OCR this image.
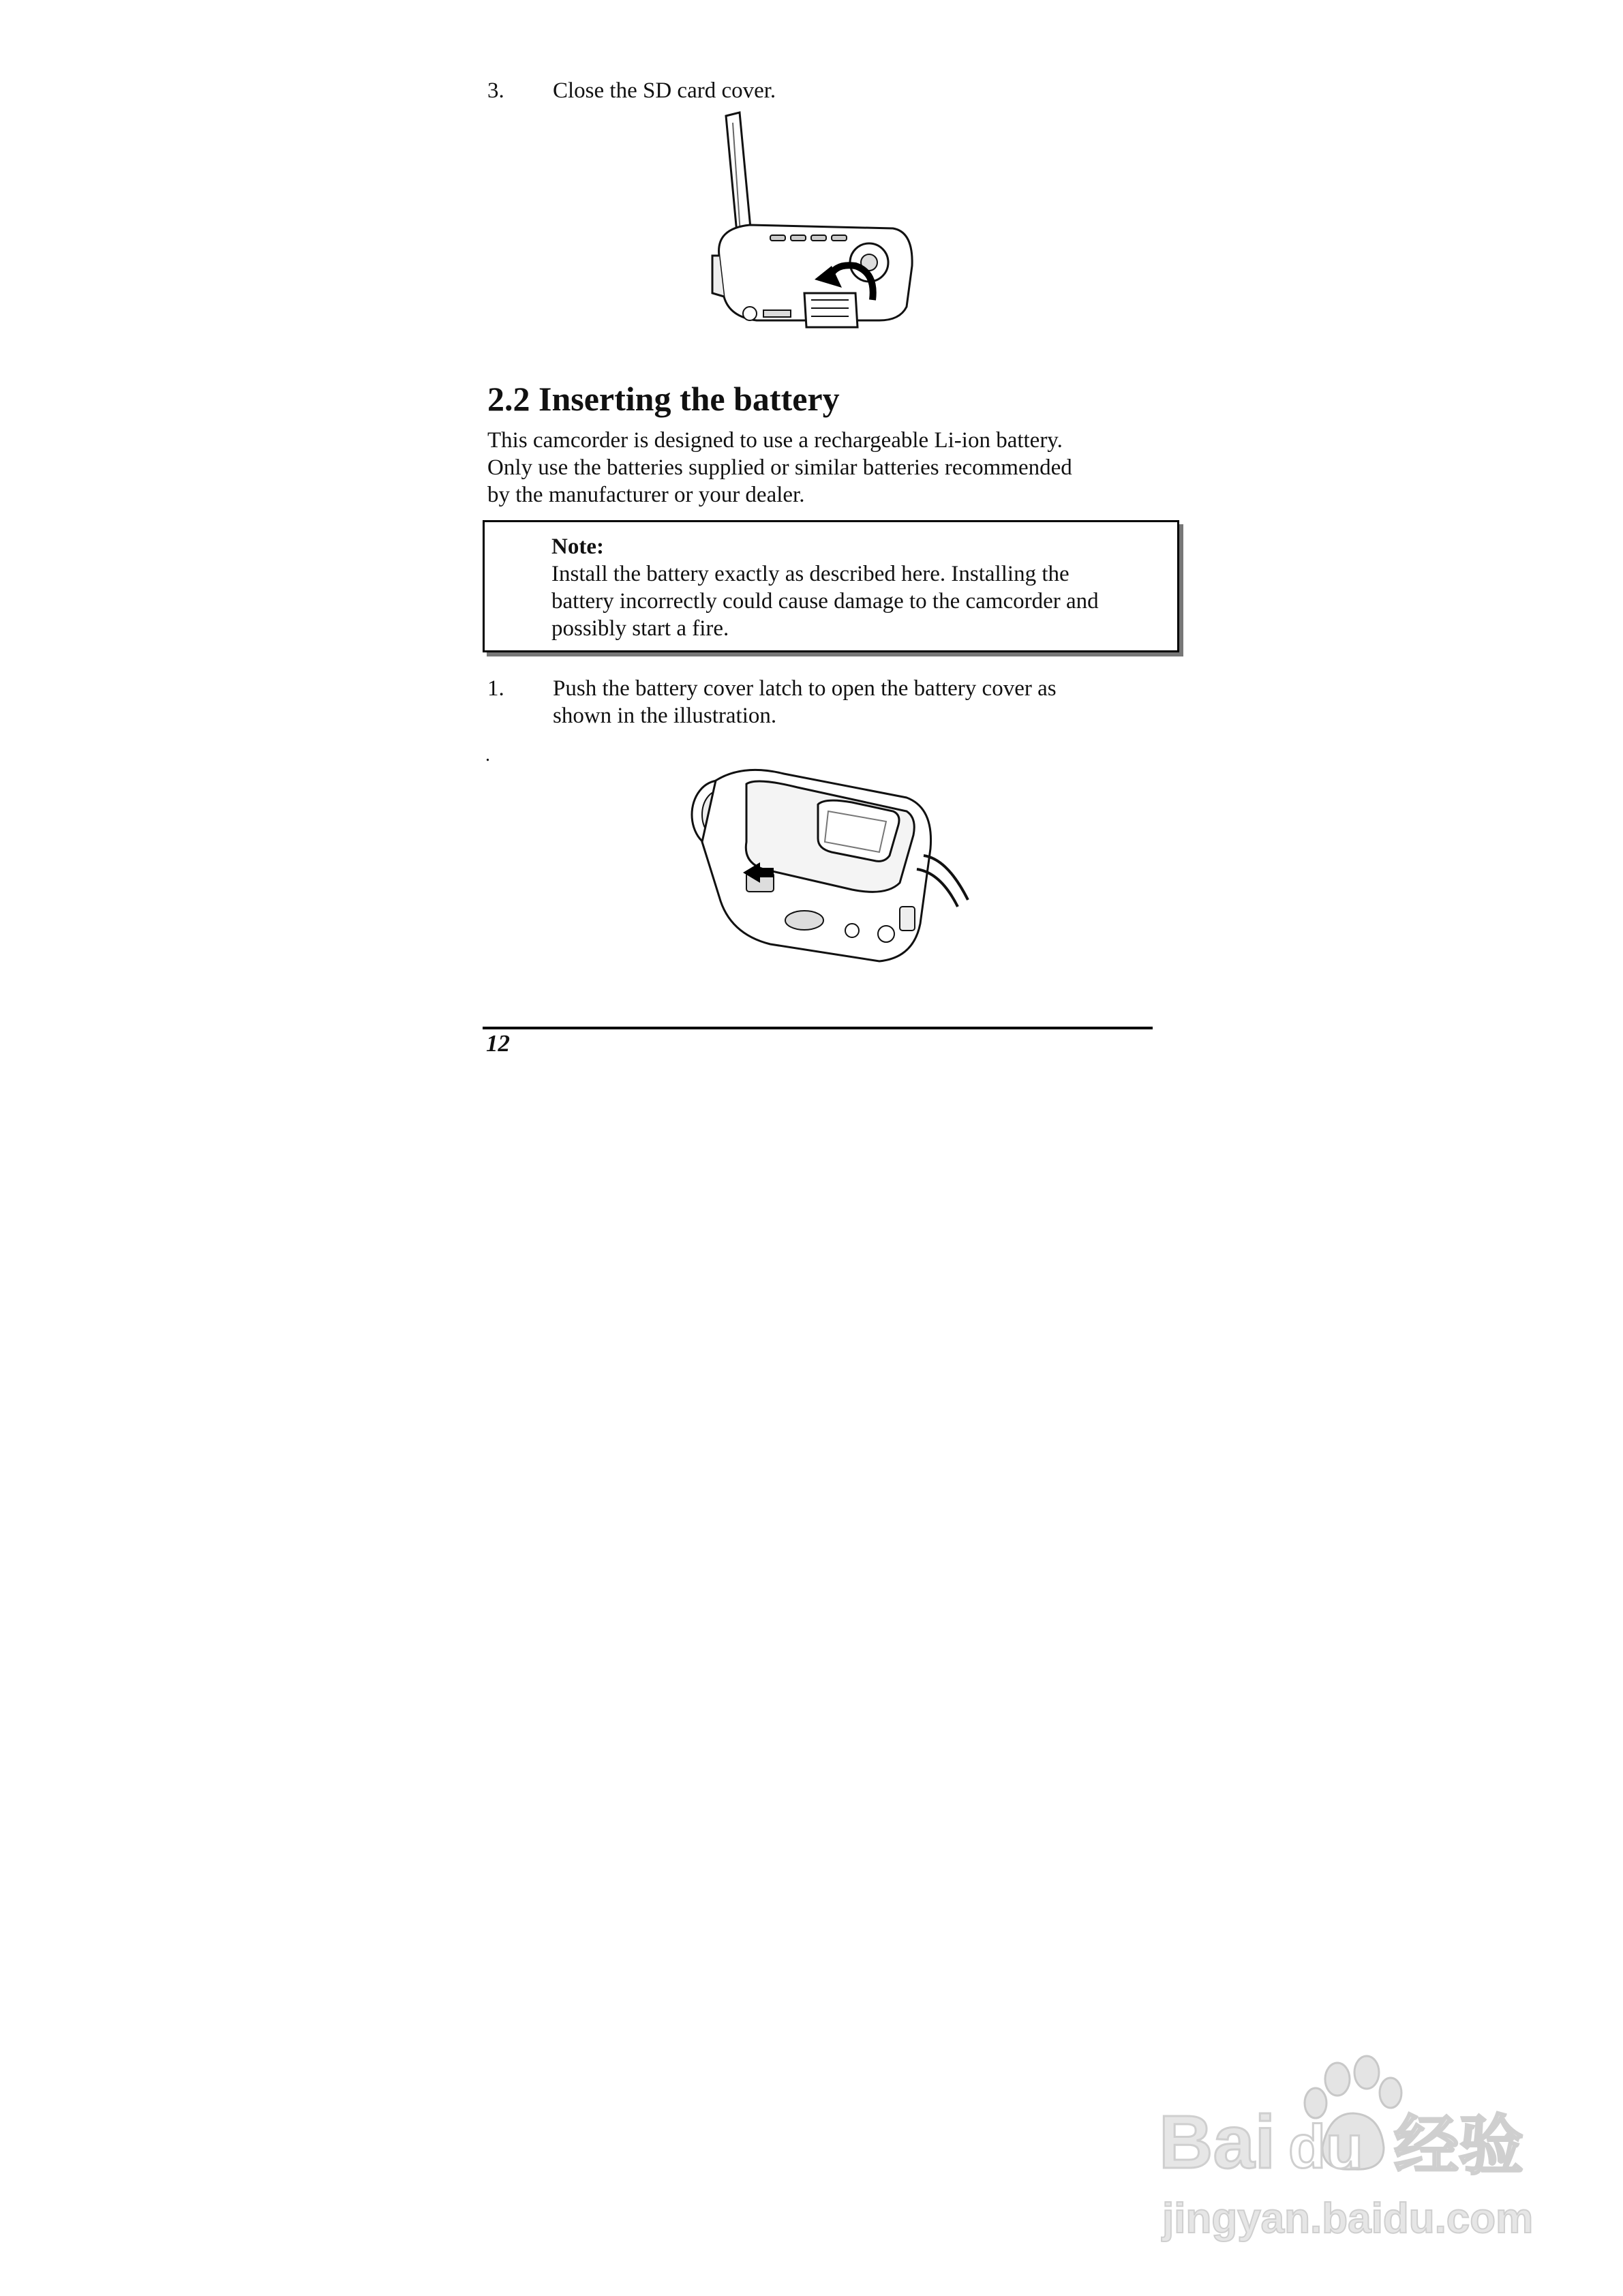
3. Close the SD card cover.
2.2 Inserting the battery
This camcorder is designed to use a rechargeable Li-ion battery.
Only use the batteries supplied or similar batteries recommended
by the manufacturer or your dealer.
Note:
Install the battery exactly as described here. Installing the
battery incorrectly could cause damage to the camcorder and
possibly start a fire.
1. Push the battery cover latch to open the battery cover as
shown in the illustration.
.
12
Bai du 经验
jingyan.baidu.com
